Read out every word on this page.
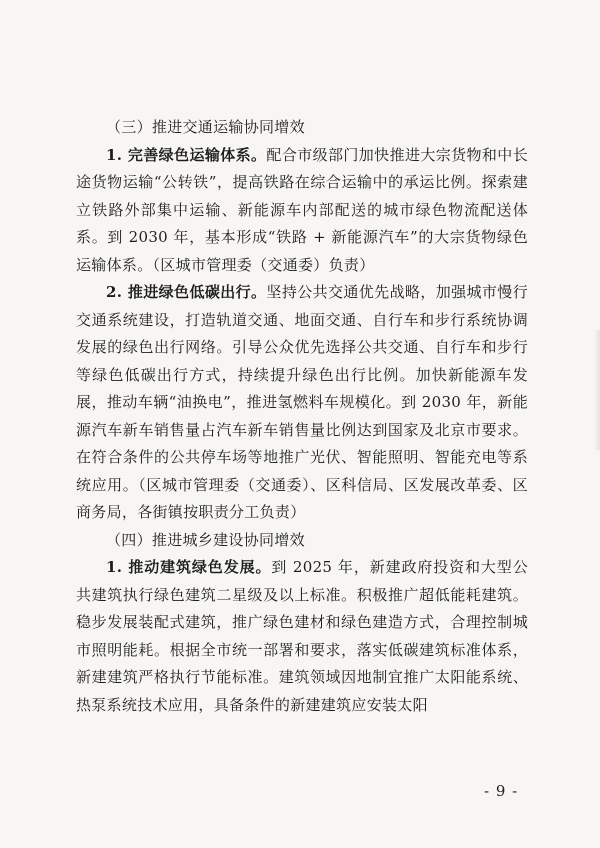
（三）推进交通运输协同增效

1. 完善绿色运输体系。配合市级部门加快推进大宗货物和中长途货物运输“公转铁”，提高铁路在综合运输中的承运比例。探索建立铁路外部集中运输、新能源车内部配送的城市绿色物流配送体系。到 2030 年，基本形成“铁路 + 新能源汽车”的大宗货物绿色运输体系。（区城市管理委（交通委）负责）

2. 推进绿色低碳出行。坚持公共交通优先战略，加强城市慢行交通系统建设，打造轨道交通、地面交通、自行车和步行系统协调发展的绿色出行网络。引导公众优先选择公共交通、自行车和步行等绿色低碳出行方式，持续提升绿色出行比例。加快新能源车发展，推动车辆“油换电”，推进氢燃料车规模化。到 2030 年，新能源汽车新车销售量占汽车新车销售量比例达到国家及北京市要求。在符合条件的公共停车场等地推广光伏、智能照明、智能充电等系统应用。（区城市管理委（交通委）、区科信局、区发展改革委、区商务局，各街镇按职责分工负责）

（四）推进城乡建设协同增效

1. 推动建筑绿色发展。到 2025 年，新建政府投资和大型公共建筑执行绿色建筑二星级及以上标准。积极推广超低能耗建筑。稳步发展装配式建筑，推广绿色建材和绿色建造方式，合理控制城市照明能耗。根据全市统一部署和要求，落实低碳建筑标准体系，新建建筑严格执行节能标准。建筑领域因地制宜推广太阳能系统、热泵系统技术应用，具备条件的新建建筑应安装太阳

- 9 -
